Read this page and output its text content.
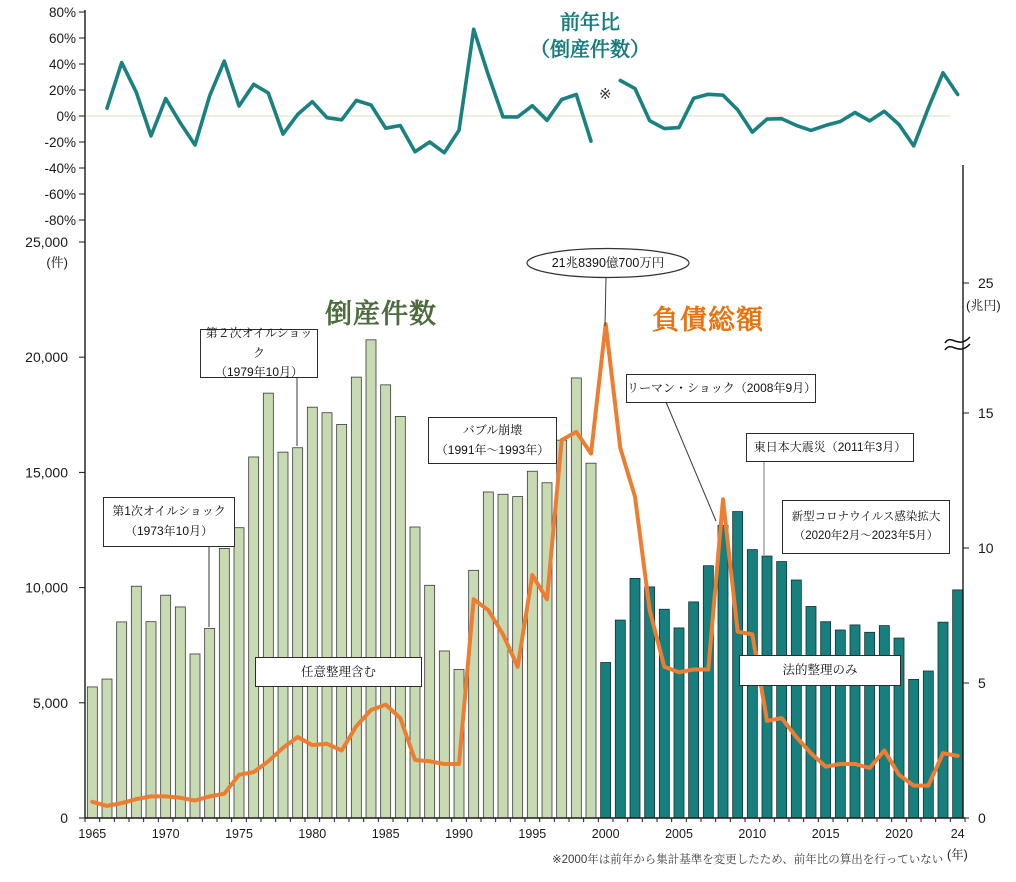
80%
60%
40%
20%
0%
-20%
-40%
-60%
-80%
25,000
20,000
15,000
10,000
5,000
0
(件)
25
15
10
5
0
(兆円)
1965	1970	1975	1980	1985	1990	1995	2000	2005	2010	2015	2020	24
前年比
（倒産件数）
※
倒産件数	負債総額
21兆8390億700万円
第1次オイルショック
（1973年10月）
第２次オイルショック
（1979年10月）
バブル崩壊
（1991年～1993年）
リーマン・ショック（2008年9月）
東日本大震災（2011年3月）
新型コロナウイルス感染拡大
（2020年2月～2023年5月）
任意整理含む	法的整理のみ
※2000年は前年から集計基準を変更したため、前年比の算出を行っていない (年)
